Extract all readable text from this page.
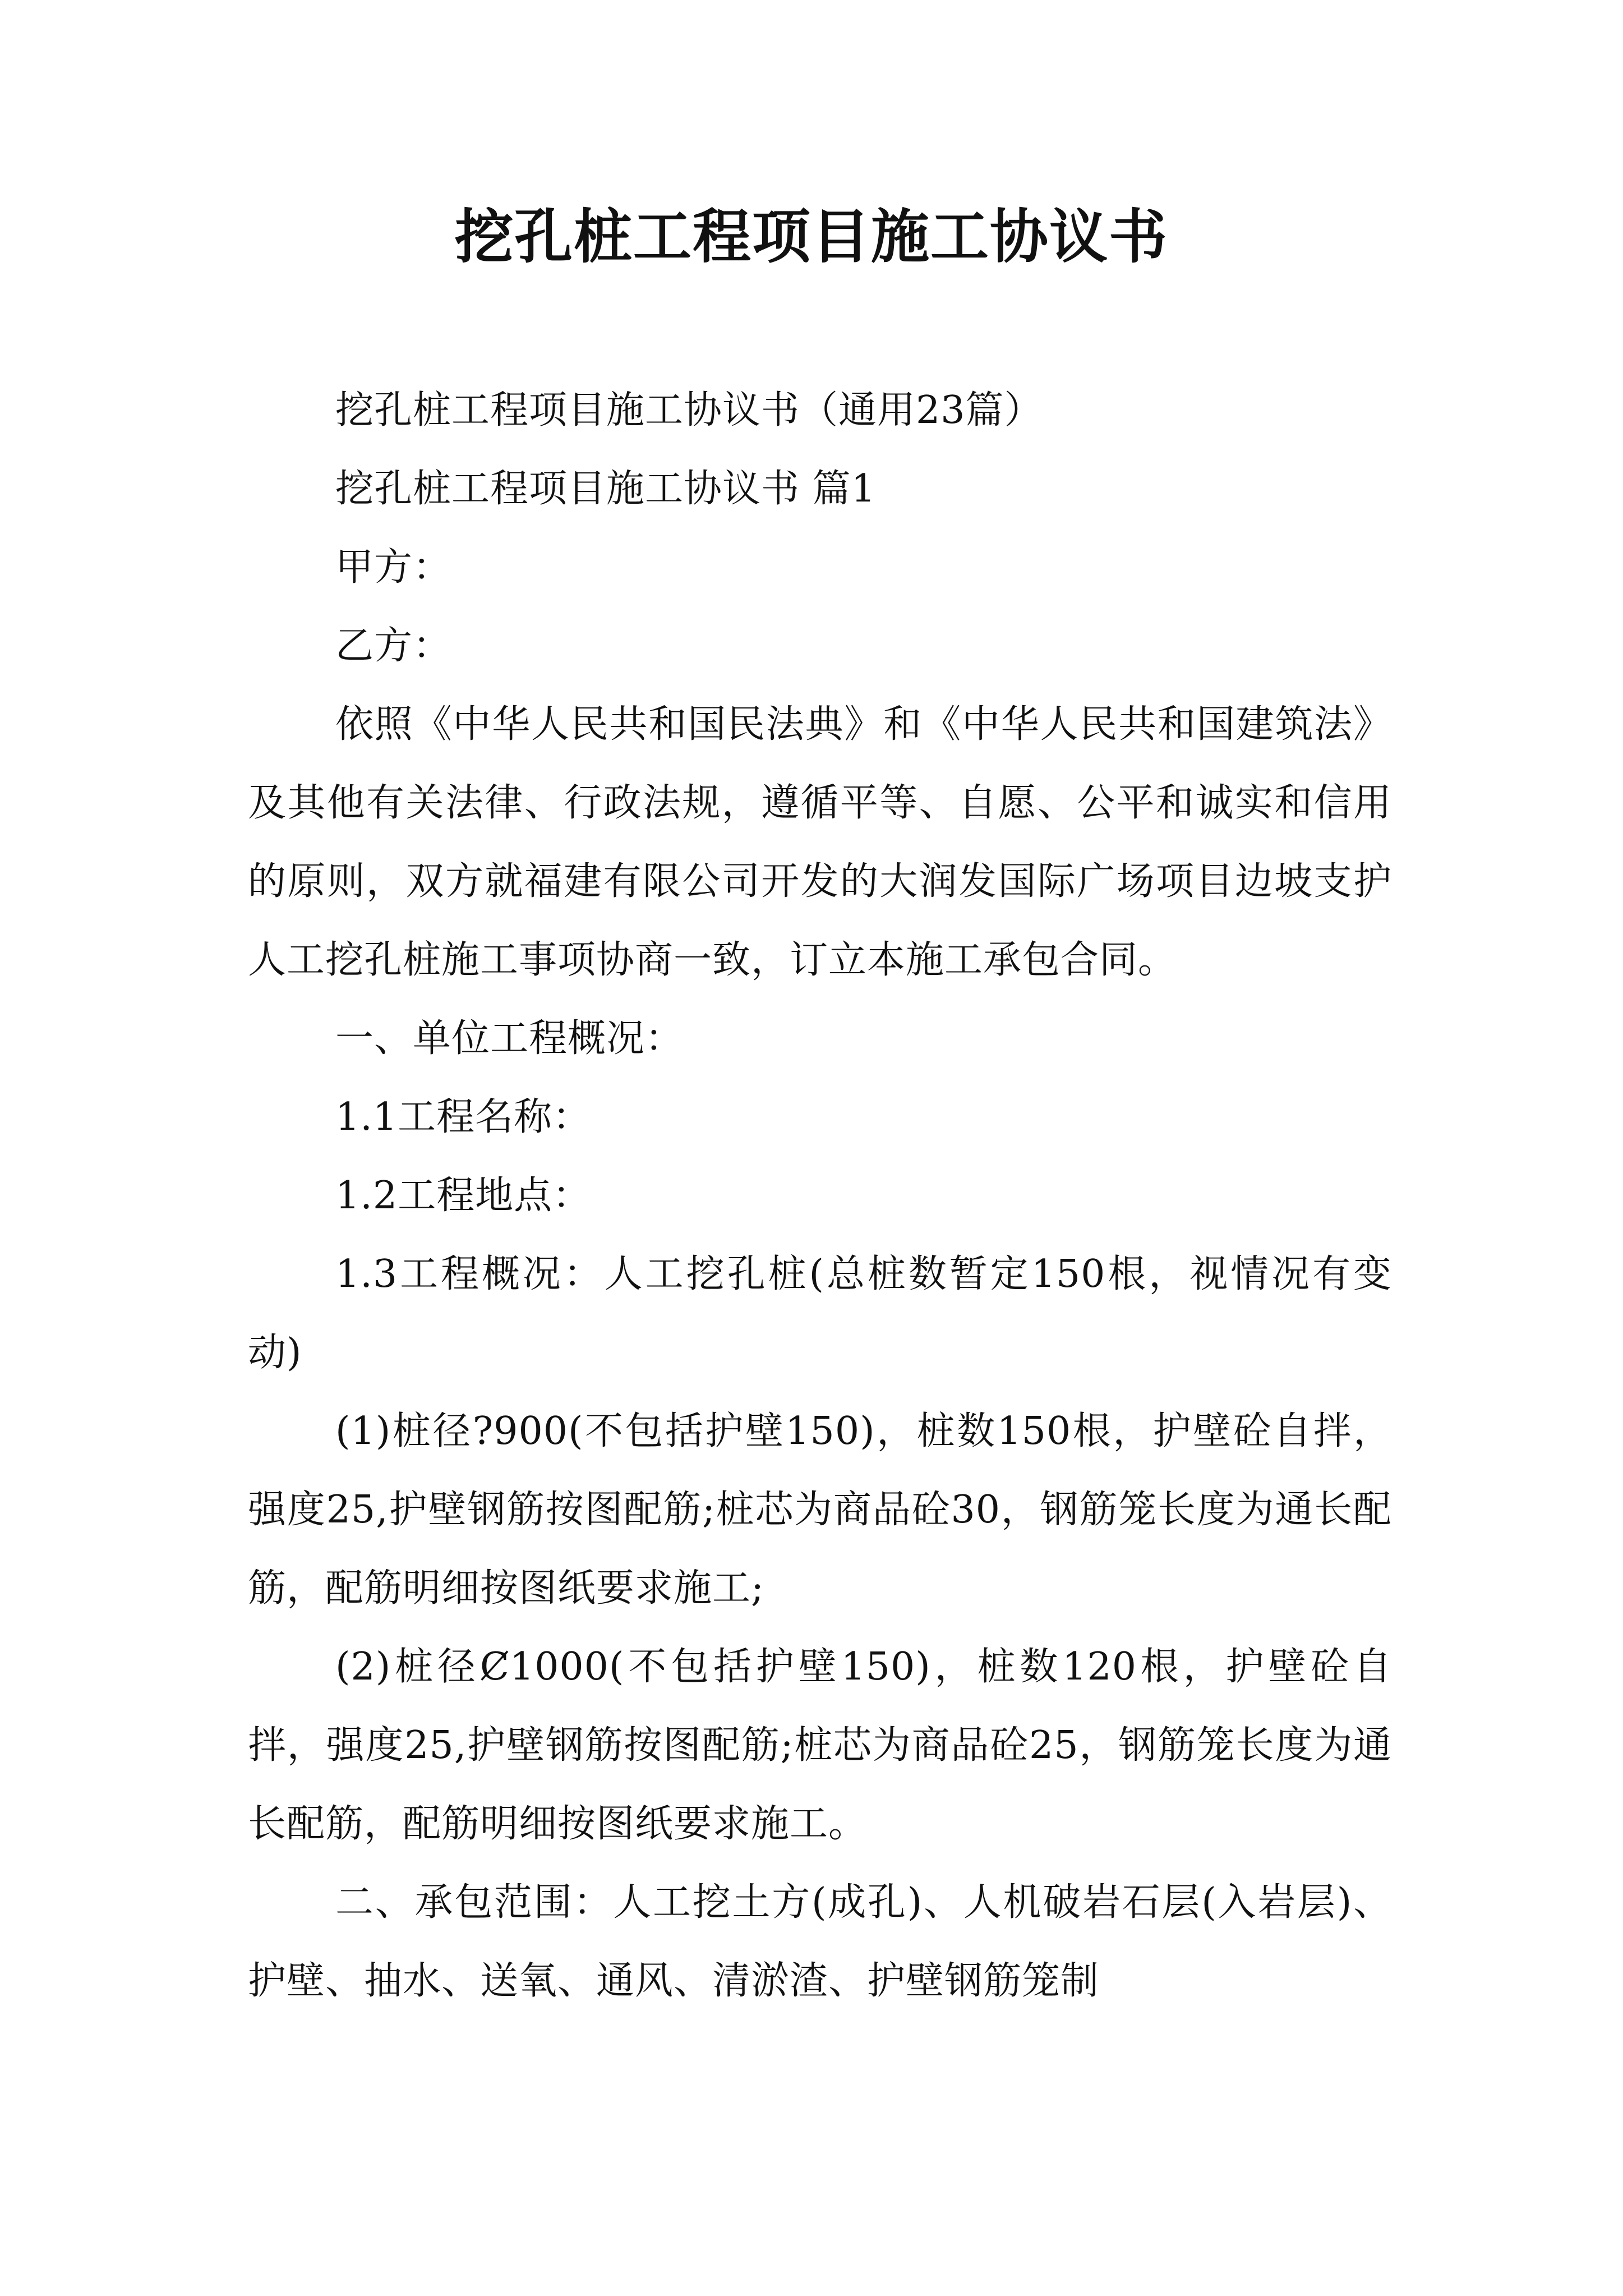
挖孔桩工程项目施工协议书

挖孔桩工程项目施工协议书（通用23篇）

挖孔桩工程项目施工协议书 篇1

甲方：

乙方：

依照《中华人民共和国民法典》和《中华人民共和国建筑法》及其他有关法律、行政法规，遵循平等、自愿、公平和诚实和信用的原则，双方就福建有限公司开发的大润发国际广场项目边坡支护人工挖孔桩施工事项协商一致，订立本施工承包合同。

一、单位工程概况：

1.1工程名称：

1.2工程地点：

1.3工程概况：人工挖孔桩(总桩数暂定150根，视情况有变动)

(1)桩径?900(不包括护壁150)，桩数150根，护壁砼自拌，强度25,护壁钢筋按图配筋;桩芯为商品砼30，钢筋笼长度为通长配筋，配筋明细按图纸要求施工;

(2)桩径Ȼ1000(不包括护壁150)，桩数120根，护壁砼自拌，强度25,护壁钢筋按图配筋;桩芯为商品砼25，钢筋笼长度为通长配筋，配筋明细按图纸要求施工。

二、承包范围：人工挖土方(成孔)、人机破岩石层(入岩层)、护壁、抽水、送氧、通风、清淤渣、护壁钢筋笼制
